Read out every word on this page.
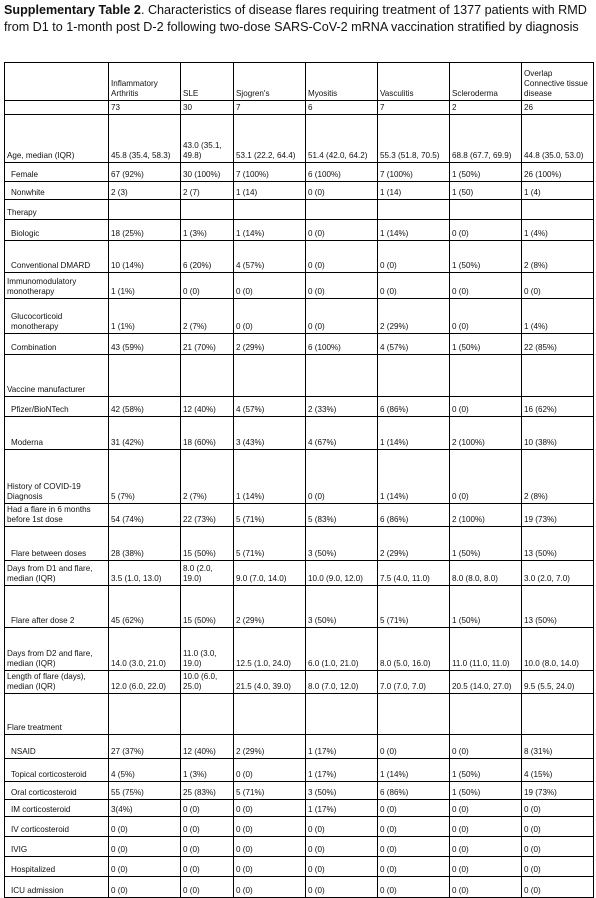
Supplementary Table 2. Characteristics of disease flares requiring treatment of 1377 patients with RMD from D1 to 1-month post D-2 following two-dose SARS-CoV-2 mRNA vaccination stratified by diagnosis
	Inflammatory Arthritis	SLE	Sjogren's	Myositis	Vasculitis	Scleroderma	Overlap Connective tissue disease
	73	30	7	6	7	2	26

Age, median (IQR)	45.8 (35.4, 58.3)	43.0 (35.1, 49.8)	53.1 (22.2, 64.4)	51.4 (42.0, 64.2)	55.3 (51.8, 70.5)	68.8 (67.7, 69.9)	44.8 (35.0, 53.0)

Female	67 (92%)	30 (100%)	7 (100%)	6 (100%)	7 (100%)	1 (50%)	26 (100%)

Nonwhite	2 (3)	2 (7)	1 (14)	0 (0)	1 (14)	1 (50)	1 (4)

Therapy							

Biologic	18 (25%)	1 (3%)	1 (14%)	0 (0)	1 (14%)	0 (0)	1 (4%)

Conventional DMARD	10 (14%)	6 (20%)	4 (57%)	0 (0)	0 (0)	1 (50%)	2 (8%)

Immunomodulatory monotherapy	1 (1%)	0 (0)	0 (0)	0 (0)	0 (0)	0 (0)	0 (0)

Glucocorticoid monotherapy	1 (1%)	2 (7%)	0 (0)	0 (0)	2 (29%)	0 (0)	1 (4%)

Combination	43 (59%)	21 (70%)	2 (29%)	6 (100%)	4 (57%)	1 (50%)	22 (85%)

Vaccine manufacturer							

Pfizer/BioNTech	42 (58%)	12 (40%)	4 (57%)	2 (33%)	6 (86%)	0 (0)	16 (62%)

Moderna	31 (42%)	18 (60%)	3 (43%)	4 (67%)	1 (14%)	2 (100%)	10 (38%)

History of COVID-19 Diagnosis	5 (7%)	2 (7%)	1 (14%)	0 (0)	1 (14%)	0 (0)	2 (8%)

Had a flare in 6 months before 1st dose	54 (74%)	22 (73%)	5 (71%)	5 (83%)	6 (86%)	2 (100%)	19 (73%)

Flare between doses	28 (38%)	15 (50%)	5 (71%)	3 (50%)	2 (29%)	1 (50%)	13 (50%)

Days from D1 and flare, median (IQR)	3.5 (1.0, 13.0)	8.0 (2.0, 19.0)	9.0 (7.0, 14.0)	10.0 (9.0, 12.0)	7.5 (4.0, 11.0)	8.0 (8.0, 8.0)	3.0 (2.0, 7.0)

Flare after dose 2	45 (62%)	15 (50%)	2 (29%)	3 (50%)	5 (71%)	1 (50%)	13 (50%)

Days from D2 and flare, median (IQR)	14.0 (3.0, 21.0)	11.0 (3.0, 19.0)	12.5 (1.0, 24.0)	6.0 (1.0, 21.0)	8.0 (5.0, 16.0)	11.0 (11.0, 11.0)	10.0 (8.0, 14.0)

Length of flare (days), median (IQR)	12.0 (6.0, 22.0)	10.0 (6.0, 25.0)	21.5 (4.0, 39.0)	8.0 (7.0, 12.0)	7.0 (7.0, 7.0)	20.5 (14.0, 27.0)	9.5 (5.5, 24.0)

Flare treatment							

NSAID	27 (37%)	12 (40%)	2 (29%)	1 (17%)	0 (0)	0 (0)	8 (31%)

Topical corticosteroid	4 (5%)	1 (3%)	0 (0)	1 (17%)	1 (14%)	1 (50%)	4 (15%)

Oral corticosteroid	55 (75%)	25 (83%)	5 (71%)	3 (50%)	6 (86%)	1 (50%)	19 (73%)

IM corticosteroid	3(4%)	0 (0)	0 (0)	1 (17%)	0 (0)	0 (0)	0 (0)

IV corticosteroid	0 (0)	0 (0)	0 (0)	0 (0)	0 (0)	0 (0)	0 (0)

IVIG	0 (0)	0 (0)	0 (0)	0 (0)	0 (0)	0 (0)	0 (0)

Hospitalized	0 (0)	0 (0)	0 (0)	0 (0)	0 (0)	0 (0)	0 (0)

ICU admission	0 (0)	0 (0)	0 (0)	0 (0)	0 (0)	0 (0)	0 (0)
